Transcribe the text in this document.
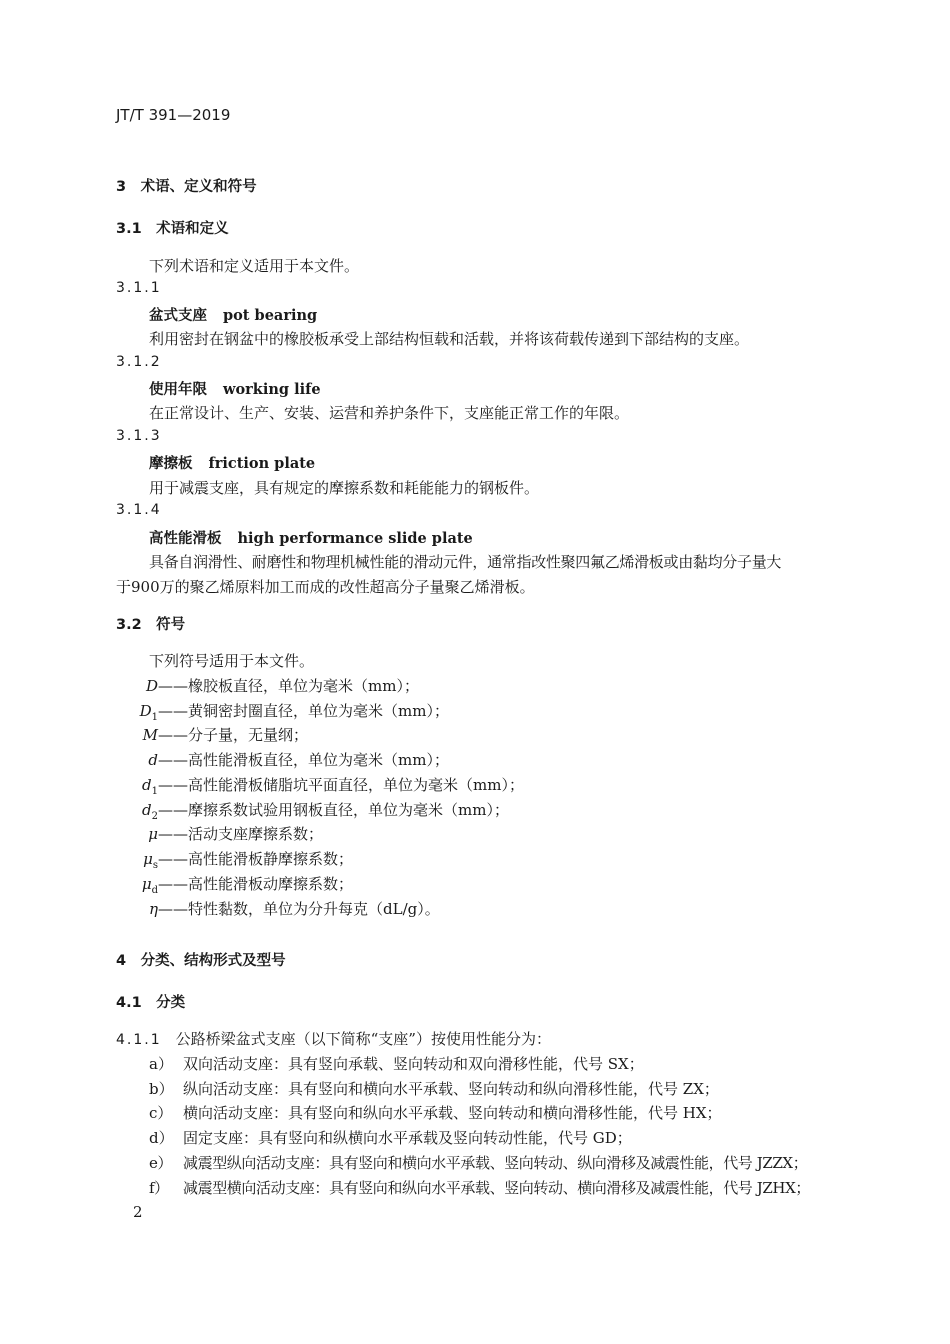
JT/T 391—2019
3　术语、定义和符号
3.1　术语和定义
下列术语和定义适用于本文件。
3.1.1
盆式支座 pot bearing
利用密封在钢盆中的橡胶板承受上部结构恒载和活载，并将该荷载传递到下部结构的支座。
3.1.2
使用年限 working life
在正常设计、生产、安装、运营和养护条件下，支座能正常工作的年限。
3.1.3
摩擦板 friction plate
用于减震支座，具有规定的摩擦系数和耗能能力的钢板件。
3.1.4
高性能滑板 high performance slide plate
具备自润滑性、耐磨性和物理机械性能的滑动元件，通常指改性聚四氟乙烯滑板或由黏均分子量大
于900万的聚乙烯原料加工而成的改性超高分子量聚乙烯滑板。
3.2　符号
下列符号适用于本文件。
D——橡胶板直径，单位为毫米（mm）；
$D_1——$黄铜密封圈直径，单位为毫米（mm）；
M——分子量，无量纲；
d——高性能滑板直径，单位为毫米（mm）；
$d_1——$高性能滑板储脂坑平面直径，单位为毫米（mm）；
$d_2——$摩擦系数试验用钢板直径，单位为毫米（mm）；
μ——活动支座摩擦系数；
$\mu_s——$高性能滑板静摩擦系数；
$\mu_d——$高性能滑板动摩擦系数；
η——特性黏数，单位为分升每克（dL/g）。
4　分类、结构形式及型号
4.1　分类
4.1.1 公路桥梁盆式支座（以下简称“支座”）按使用性能分为：
a） 双向活动支座：具有竖向承载、竖向转动和双向滑移性能，代号 SX；
b） 纵向活动支座：具有竖向和横向水平承载、竖向转动和纵向滑移性能，代号 ZX；
c） 横向活动支座：具有竖向和纵向水平承载、竖向转动和横向滑移性能，代号 HX；
d） 固定支座：具有竖向和纵横向水平承载及竖向转动性能，代号 GD；
e） 减震型纵向活动支座：具有竖向和横向水平承载、竖向转动、纵向滑移及减震性能，代号 JZZX；
f） 减震型横向活动支座：具有竖向和纵向水平承载、竖向转动、横向滑移及减震性能，代号 JZHX；
2
